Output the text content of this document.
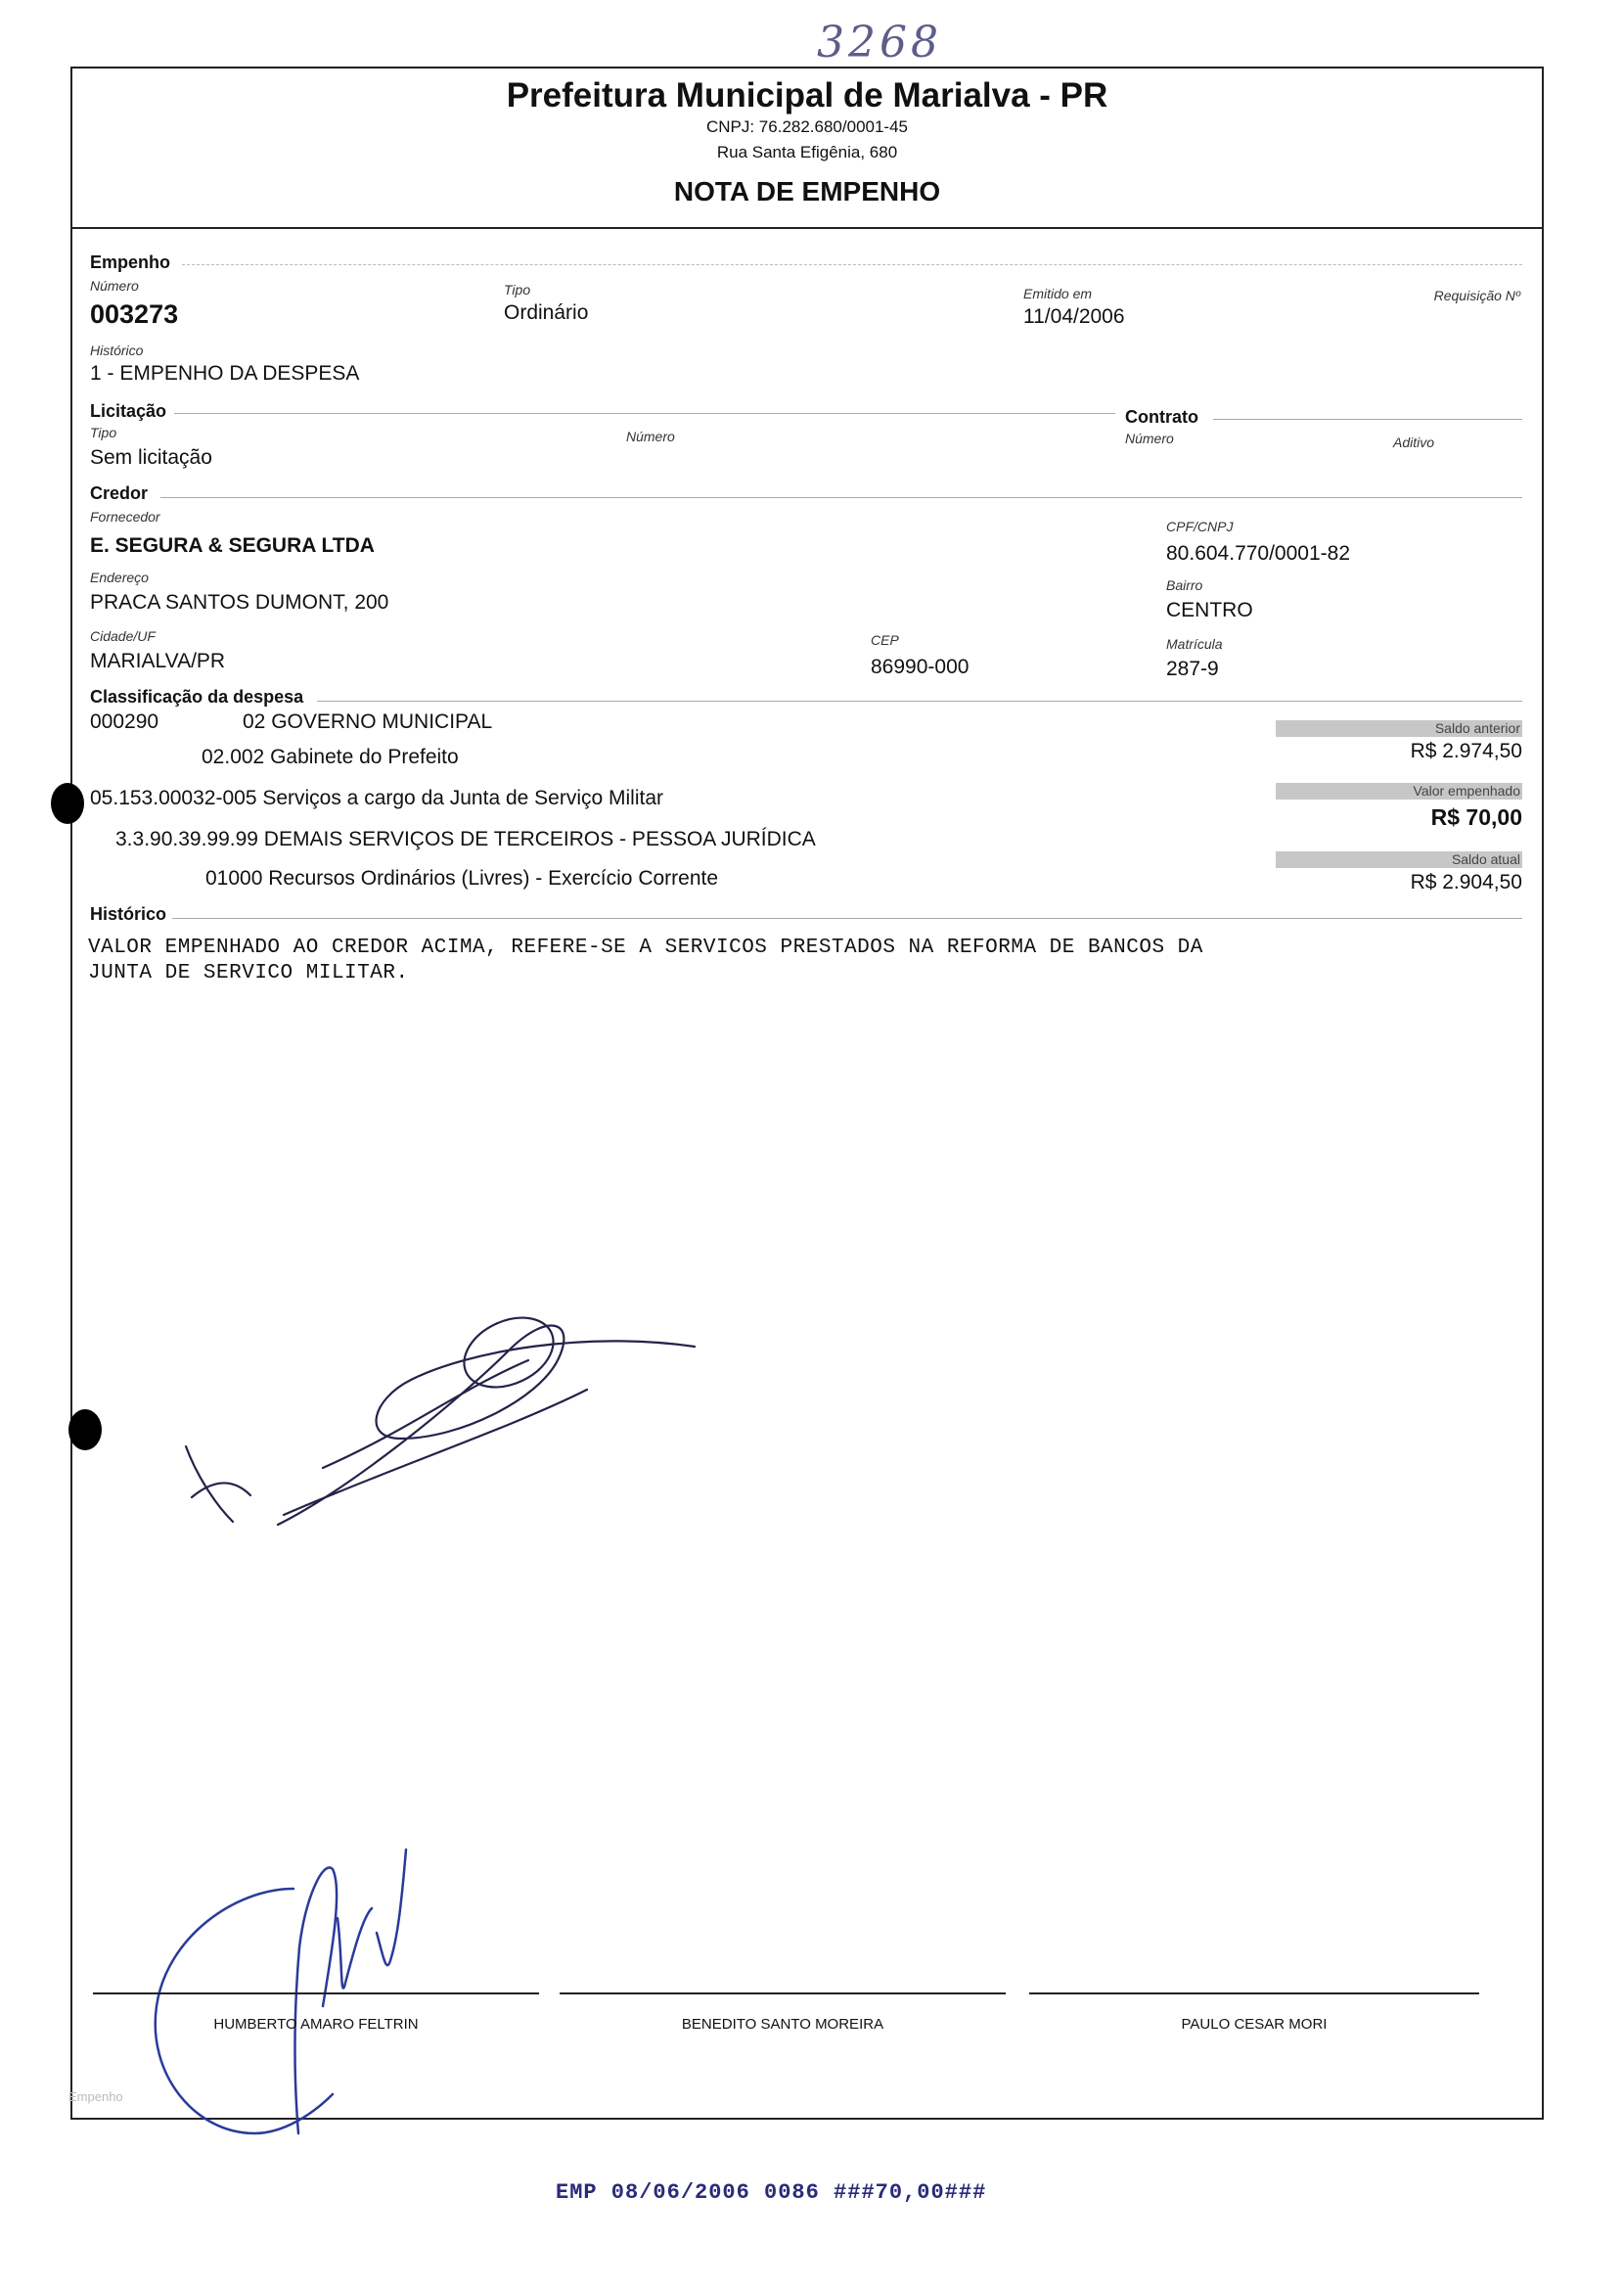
3268
Prefeitura Municipal de Marialva - PR
CNPJ: 76.282.680/0001-45
Rua Santa Efigênia, 680
NOTA DE EMPENHO
Empenho
Número
003273
Tipo
Ordinário
Emitido em
11/04/2006
Requisição Nº
Histórico
1 - EMPENHO DA DESPESA
Licitação
Tipo
Sem licitação
Número
Contrato
Número	Aditivo
Credor
Fornecedor
E. SEGURA & SEGURA LTDA
CPF/CNPJ
80.604.770/0001-82
Endereço
PRACA SANTOS DUMONT, 200
Bairro
CENTRO
Cidade/UF
MARIALVA/PR
CEP
86990-000
Matrícula
287-9
Classificação da despesa
000290	02 GOVERNO MUNICIPAL
02.002 Gabinete do Prefeito
05.153.00032-005 Serviços a cargo da Junta de Serviço Militar
3.3.90.39.99.99 DEMAIS SERVIÇOS DE TERCEIROS - PESSOA JURÍDICA
01000 Recursos Ordinários (Livres) - Exercício Corrente
Saldo anterior
R$ 2.974,50
Valor empenhado
R$ 70,00
Saldo atual
R$ 2.904,50
Histórico
VALOR EMPENHADO AO CREDOR ACIMA, REFERE-SE A SERVICOS PRESTADOS NA REFORMA DE BANCOS DA
JUNTA DE SERVICO MILITAR.
HUMBERTO AMARO FELTRIN	BENEDITO SANTO MOREIRA	PAULO CESAR MORI
Empenho
EMP 08/06/2006 0086 ###70,00###
